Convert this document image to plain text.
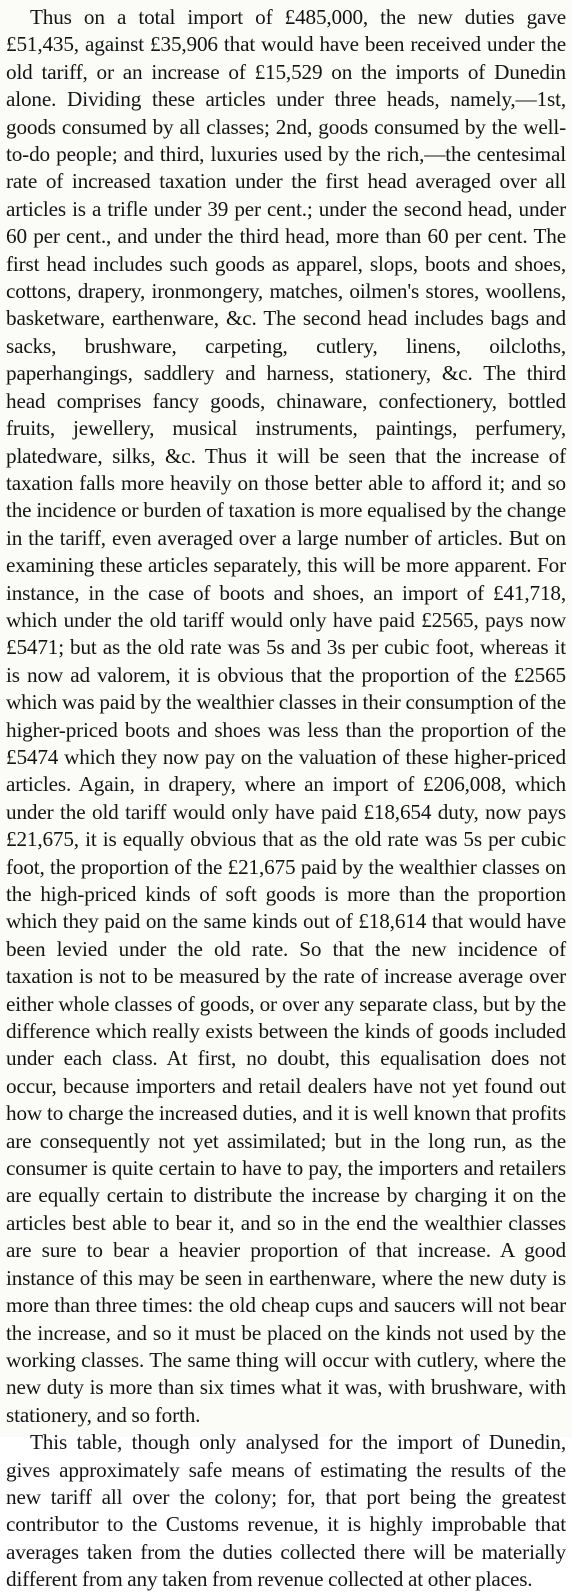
Thus on a total import of £485,000, the new duties gave £51,435, against £35,906 that would have been received under the old tariff, or an increase of £15,529 on the imports of Dunedin alone. Dividing these articles under three heads, namely,—1st, goods consumed by all classes; 2nd, goods consumed by the well-to-do people; and third, luxuries used by the rich,—the centesimal rate of increased taxation under the first head averaged over all articles is a trifle under 39 per cent.; under the second head, under 60 per cent., and under the third head, more than 60 per cent. The first head includes such goods as apparel, slops, boots and shoes, cottons, drapery, ironmongery, matches, oilmen's stores, woollens, basketware, earthenware, &c. The second head includes bags and sacks, brushware, carpeting, cutlery, linens, oilcloths, paperhangings, saddlery and harness, stationery, &c. The third head comprises fancy goods, chinaware, confectionery, bottled fruits, jewellery, musical instruments, paintings, perfumery, platedware, silks, &c. Thus it will be seen that the increase of taxation falls more heavily on those better able to afford it; and so the incidence or burden of taxation is more equalised by the change in the tariff, even averaged over a large number of articles. But on examining these articles separately, this will be more apparent. For instance, in the case of boots and shoes, an import of £41,718, which under the old tariff would only have paid £2565, pays now £5471; but as the old rate was 5s and 3s per cubic foot, whereas it is now ad valorem, it is obvious that the proportion of the £2565 which was paid by the wealthier classes in their consumption of the higher-priced boots and shoes was less than the proportion of the £5474 which they now pay on the valuation of these higher-priced articles. Again, in drapery, where an import of £206,008, which under the old tariff would only have paid £18,654 duty, now pays £21,675, it is equally obvious that as the old rate was 5s per cubic foot, the proportion of the £21,675 paid by the wealthier classes on the high-priced kinds of soft goods is more than the proportion which they paid on the same kinds out of £18,614 that would have been levied under the old rate. So that the new incidence of taxation is not to be measured by the rate of increase average over either whole classes of goods, or over any separate class, but by the difference which really exists between the kinds of goods included under each class. At first, no doubt, this equalisation does not occur, because importers and retail dealers have not yet found out how to charge the increased duties, and it is well known that profits are consequently not yet assimilated; but in the long run, as the consumer is quite certain to have to pay, the importers and retailers are equally certain to distribute the increase by charging it on the articles best able to bear it, and so in the end the wealthier classes are sure to bear a heavier proportion of that increase. A good instance of this may be seen in earthenware, where the new duty is more than three times: the old cheap cups and saucers will not bear the increase, and so it must be placed on the kinds not used by the working classes. The same thing will occur with cutlery, where the new duty is more than six times what it was, with brushware, with stationery, and so forth.

This table, though only analysed for the import of Dunedin, gives approximately safe means of estimating the results of the new tariff all over the colony; for, that port being the greatest contributor to the Customs revenue, it is highly improbable that averages taken from the duties collected there will be materially different from any taken from revenue collected at other places.
